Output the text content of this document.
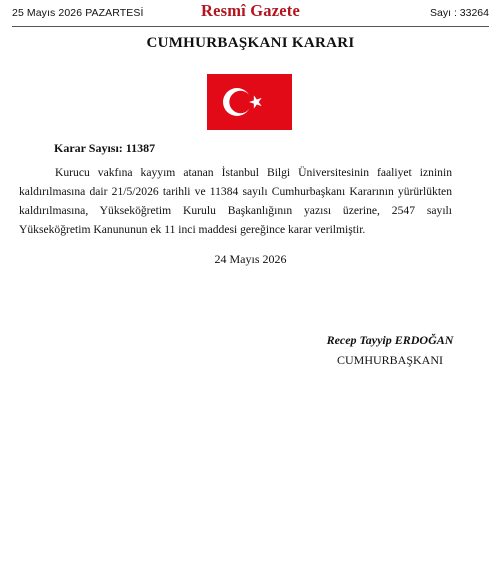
25 Mayıs 2026 PAZARTESİ	Resmî Gazete	Sayı : 33264
CUMHURBAŞKANI KARARI
Karar Sayısı: 11387

Kurucu vakfına kayyım atanan İstanbul Bilgi Üniversitesinin faaliyet izninin kaldırılmasına dair 21/5/2026 tarihli ve 11384 sayılı Cumhurbaşkanı Kararının yürürlükten kaldırılmasına, Yükseköğretim Kurulu Başkanlığının yazısı üzerine, 2547 sayılı Yükseköğretim Kanununun ek 11 inci maddesi gereğince karar verilmiştir.

24 Mayıs 2026
Recep Tayyip ERDOĞAN
CUMHURBAŞKANI
